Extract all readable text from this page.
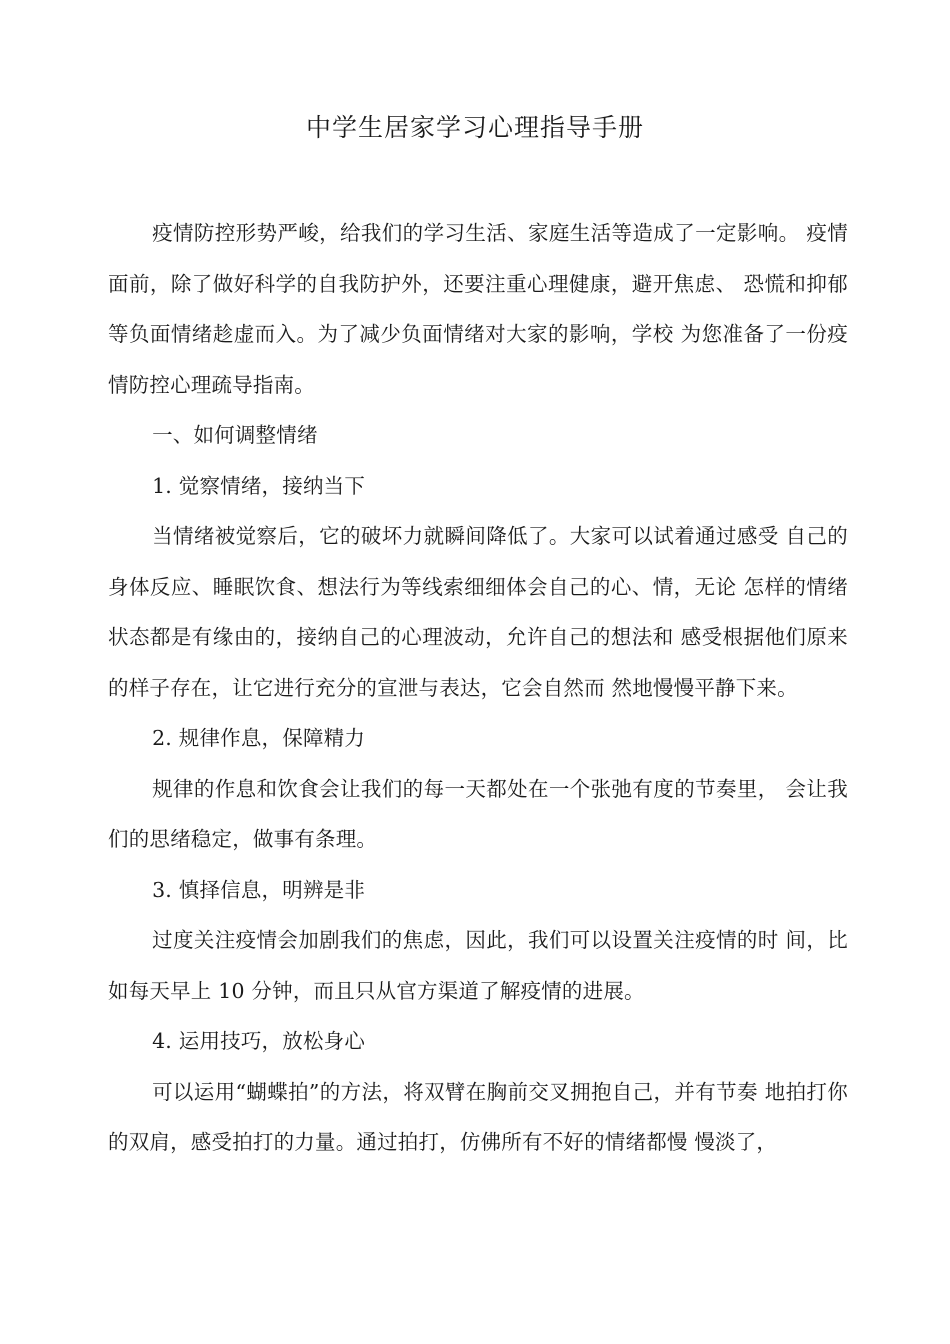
中学生居家学习心理指导手册

疫情防控形势严峻，给我们的学习生活、家庭生活等造成了一定影响。 疫情面前，除了做好科学的自我防护外，还要注重心理健康，避开焦虑、 恐慌和抑郁等负面情绪趁虚而入。为了减少负面情绪对大家的影响，学校 为您准备了一份疫情防控心理疏导指南。

一、如何调整情绪

1. 觉察情绪，接纳当下

当情绪被觉察后，它的破坏力就瞬间降低了。大家可以试着通过感受 自己的身体反应、睡眠饮食、想法行为等线索细细体会自己的心、情，无论 怎样的情绪状态都是有缘由的，接纳自己的心理波动，允许自己的想法和 感受根据他们原来的样子存在，让它进行充分的宣泄与表达，它会自然而 然地慢慢平静下来。

2. 规律作息，保障精力

规律的作息和饮食会让我们的每一天都处在一个张弛有度的节奏里， 会让我们的思绪稳定，做事有条理。

3. 慎择信息，明辨是非

过度关注疫情会加剧我们的焦虑，因此，我们可以设置关注疫情的时 间，比如每天早上 10 分钟，而且只从官方渠道了解疫情的进展。

4. 运用技巧，放松身心

可以运用“蝴蝶拍”的方法，将双臂在胸前交叉拥抱自己，并有节奏 地拍打你的双肩，感受拍打的力量。通过拍打，仿佛所有不好的情绪都慢 慢淡了，
